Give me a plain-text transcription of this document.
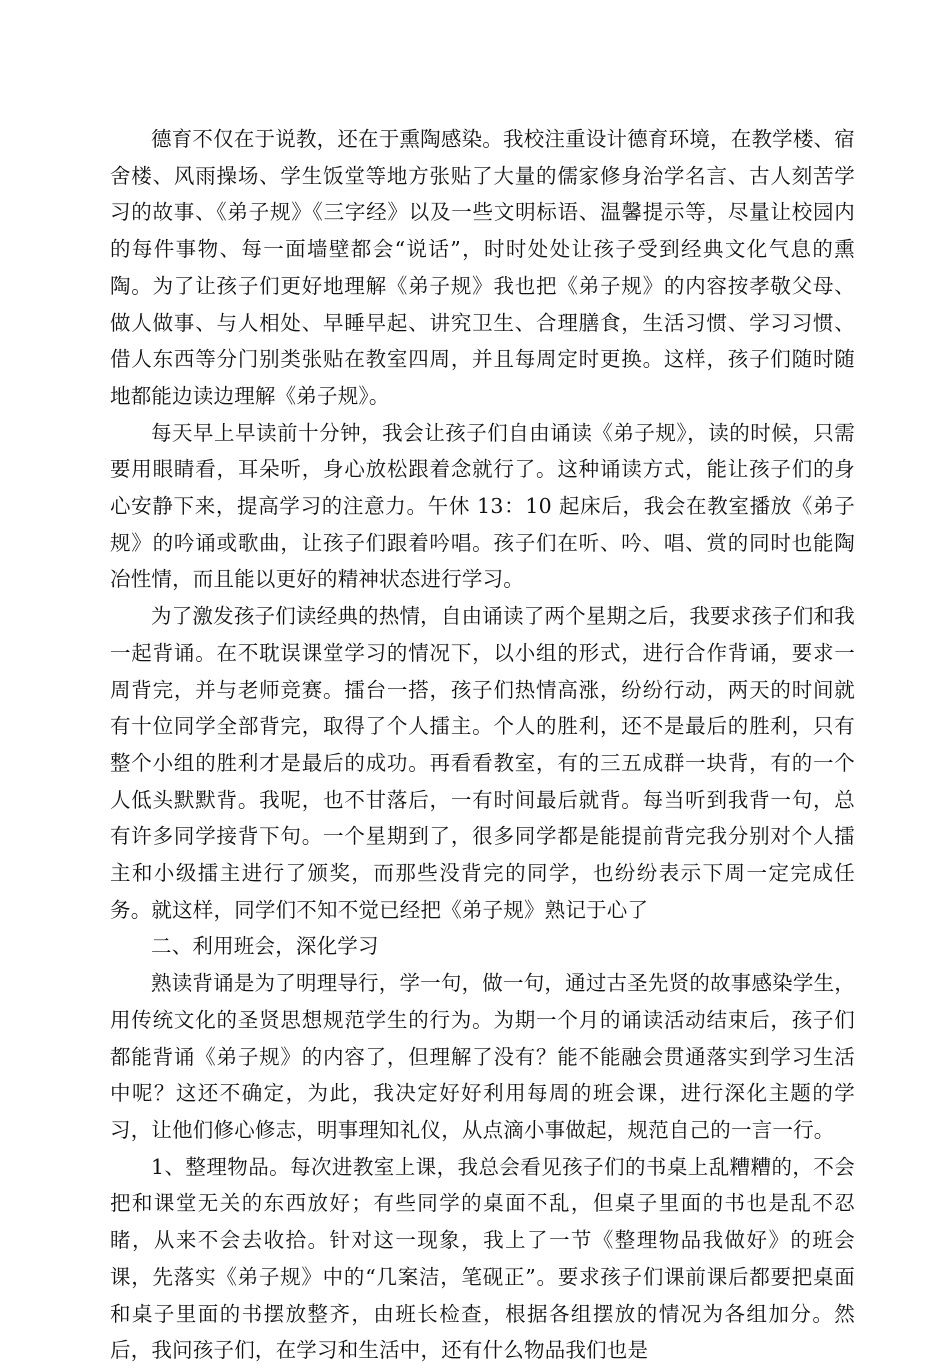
德育不仅在于说教，还在于熏陶感染。我校注重设计德育环境，在教学楼、宿舍楼、风雨操场、学生饭堂等地方张贴了大量的儒家修身治学名言、古人刻苦学习的故事、《弟子规》《三字经》以及一些文明标语、温馨提示等，尽量让校园内的每件事物、每一面墙壁都会“说话”，时时处处让孩子受到经典文化气息的熏陶。为了让孩子们更好地理解《弟子规》我也把《弟子规》的内容按孝敬父母、做人做事、与人相处、早睡早起、讲究卫生、合理膳食，生活习惯、学习习惯、借人东西等分门别类张贴在教室四周，并且每周定时更换。这样，孩子们随时随地都能边读边理解《弟子规》。

每天早上早读前十分钟，我会让孩子们自由诵读《弟子规》，读的时候，只需要用眼睛看，耳朵听，身心放松跟着念就行了。这种诵读方式，能让孩子们的身心安静下来，提高学习的注意力。午休 13：10 起床后，我会在教室播放《弟子规》的吟诵或歌曲，让孩子们跟着吟唱。孩子们在听、吟、唱、赏的同时也能陶冶性情，而且能以更好的精神状态进行学习。

为了激发孩子们读经典的热情，自由诵读了两个星期之后，我要求孩子们和我一起背诵。在不耽误课堂学习的情况下，以小组的形式，进行合作背诵，要求一周背完，并与老师竞赛。擂台一搭，孩子们热情高涨，纷纷行动，两天的时间就有十位同学全部背完，取得了个人擂主。个人的胜利，还不是最后的胜利，只有整个小组的胜利才是最后的成功。再看看教室，有的三五成群一块背，有的一个人低头默默背。我呢，也不甘落后，一有时间最后就背。每当听到我背一句，总有许多同学接背下句。一个星期到了，很多同学都是能提前背完我分别对个人擂主和小级擂主进行了颁奖，而那些没背完的同学，也纷纷表示下周一定完成任务。就这样，同学们不知不觉已经把《弟子规》熟记于心了

二、利用班会，深化学习

熟读背诵是为了明理导行，学一句，做一句，通过古圣先贤的故事感染学生，用传统文化的圣贤思想规范学生的行为。为期一个月的诵读活动结束后，孩子们都能背诵《弟子规》的内容了，但理解了没有？能不能融会贯通落实到学习生活中呢？这还不确定，为此，我决定好好利用每周的班会课，进行深化主题的学习，让他们修心修志，明事理知礼仪，从点滴小事做起，规范自己的一言一行。

1、整理物品。每次进教室上课，我总会看见孩子们的书桌上乱糟糟的，不会把和课堂无关的东西放好；有些同学的桌面不乱，但桌子里面的书也是乱不忍睹，从来不会去收拾。针对这一现象，我上了一节《整理物品我做好》的班会课，先落实《弟子规》中的“几案洁，笔砚正”。要求孩子们课前课后都要把桌面和桌子里面的书摆放整齐，由班长检查，根据各组摆放的情况为各组加分。然后，我问孩子们，在学习和生活中，还有什么物品我们也是
